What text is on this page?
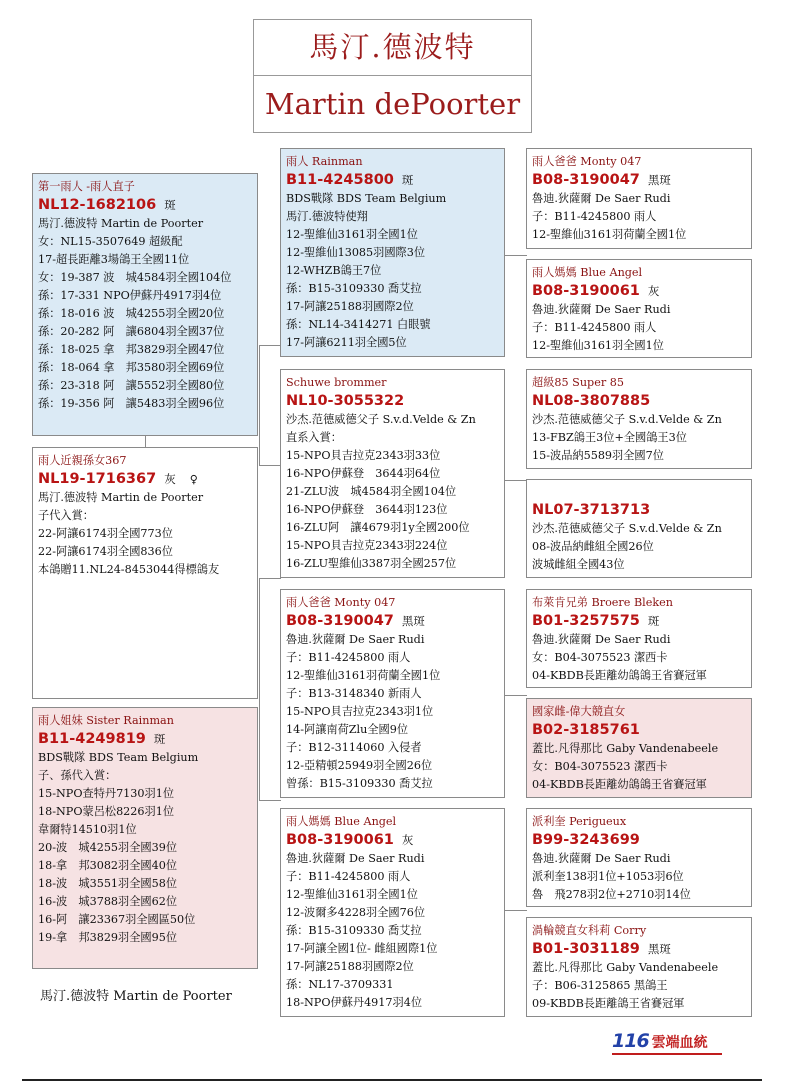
馬汀.德波特
Martin dePoorter
第一雨人 -雨人直子
NL12-1682106 斑
馬汀.德波特 Martin de Poorter
女：NL15-3507649 超級配
17-超長距離3場鴿王全國11位
女：19-387 波　城4584羽全國104位
孫：17-331 NPO伊蘇丹4917羽4位
孫：18-016 波　城4255羽全國20位
孫：20-282 阿　讓6804羽全國37位
孫：18-025 拿　邦3829羽全國47位
孫：18-064 拿　邦3580羽全國69位
孫：23-318 阿　讓5552羽全國80位
孫：19-356 阿　讓5483羽全國96位
雨人近親孫女367
NL19-1716367 灰 ♀
馬汀.德波特 Martin de Poorter
子代入賞：
22-阿讓6174羽全國773位
22-阿讓6174羽全國836位
本鴿贈11.NL24-8453044得標鴿友
雨人姐妹 Sister Rainman
B11-4249819 斑
BDS戰隊 BDS Team Belgium
子、孫代入賞：
15-NPO查特丹7130羽1位
18-NPO蒙呂松8226羽1位
韋爾特14510羽1位
20-波　城4255羽全國39位
18-拿　邦3082羽全國40位
18-波　城3551羽全國58位
16-波　城3788羽全國62位
16-阿　讓23367羽全國區50位
19-拿　邦3829羽全國95位
雨人 Rainman
B11-4245800 斑
BDS戰隊 BDS Team Belgium
馬汀.德波特使翔
12-聖維仙3161羽全國1位
12-聖維仙13085羽國際3位
12-WHZB鴿王7位
孫：B15-3109330 喬艾拉
17-阿讓25188羽國際2位
孫：NL14-3414271 白眼號
17-阿讓6211羽全國5位
Schuwe brommer
NL10-3055322
沙杰.范德威德父子 S.v.d.Velde & Zn
直系入賞：
15-NPO貝吉拉克2343羽33位
16-NPO伊蘇登　3644羽64位
21-ZLU波　城4584羽全國104位
16-NPO伊蘇登　3644羽123位
16-ZLU阿　讓4679羽1y全國200位
15-NPO貝吉拉克2343羽224位
16-ZLU聖維仙3387羽全國257位
雨人爸爸 Monty 047
B08-3190047 黑斑
魯迪.狄薩爾 De Saer Rudi
子：B11-4245800 雨人
12-聖維仙3161羽荷蘭全國1位
子：B13-3148340 新雨人
15-NPO貝吉拉克2343羽1位
14-阿讓南荷Zlu全國9位
子：B12-3114060 入侵者
12-亞精頓25949羽全國26位
曾孫：B15-3109330 喬艾拉
雨人媽媽 Blue Angel
B08-3190061 灰
魯迪.狄薩爾 De Saer Rudi
子：B11-4245800 雨人
12-聖維仙3161羽全國1位
12-波爾多4228羽全國76位
孫：B15-3109330 喬艾拉
17-阿讓全國1位- 雌組國際1位
17-阿讓25188羽國際2位
孫：NL17-3709331
18-NPO伊蘇丹4917羽4位
雨人爸爸 Monty 047
B08-3190047 黑斑
魯迪.狄薩爾 De Saer Rudi
子：B11-4245800 雨人
12-聖維仙3161羽荷蘭全國1位
雨人媽媽 Blue Angel
B08-3190061 灰
魯迪.狄薩爾 De Saer Rudi
子：B11-4245800 雨人
12-聖維仙3161羽全國1位
超級85 Super 85
NL08-3807885
沙杰.范德威德父子 S.v.d.Velde & Zn
13-FBZ鴿王3位+全國鴿王3位
15-波品納5589羽全國7位
NL07-3713713
沙杰.范德威德父子 S.v.d.Velde & Zn
08-波品納雌組全國26位
波城雌組全國43位
布萊肯兄弟 Broere Bleken
B01-3257575 斑
魯迪.狄薩爾 De Saer Rudi
女：B04-3075523 潔西卡
04-KBDB長距離幼鴿鴿王省賽冠軍
國家雌-偉大競直女
B02-3185761
蓋比.凡得那比 Gaby Vandenabeele
女：B04-3075523 潔西卡
04-KBDB長距離幼鴿鴿王省賽冠軍
派利奎 Perigueux
B99-3243699
魯迪.狄薩爾 De Saer Rudi
派利奎138羽1位+1053羽6位
魯　飛278羽2位+2710羽14位
渦輪競直女科莉 Corry
B01-3031189 黑斑
蓋比.凡得那比 Gaby Vandenabeele
子：B06-3125865 黑鴿王
09-KBDB長距離鴿王省賽冠軍
馬汀.德波特 Martin de Poorter
116 雲端血統
